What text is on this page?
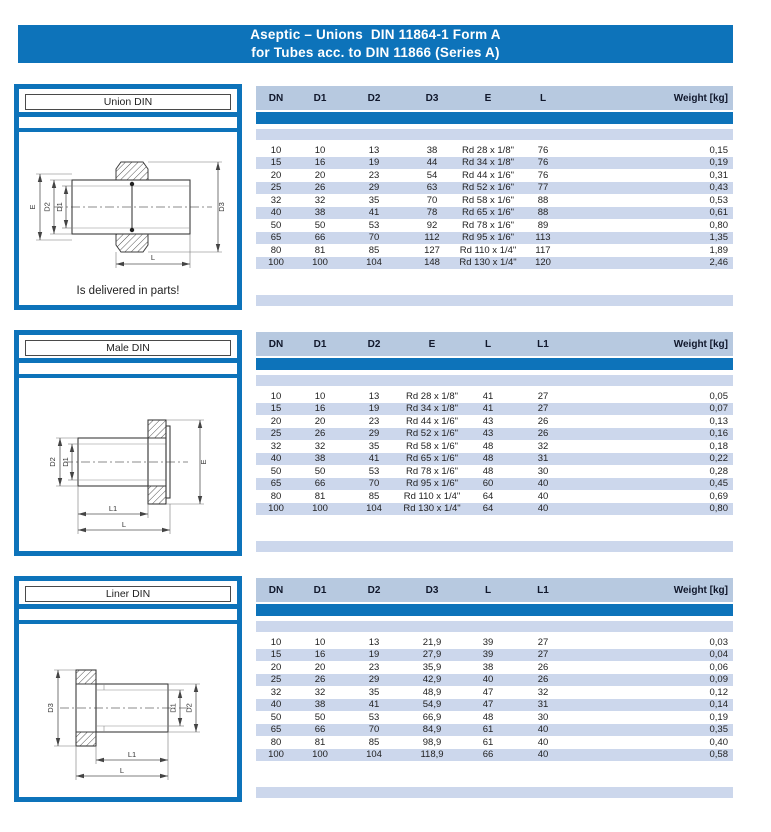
Aseptic – Unions  DIN 11864-1 Form A
for Tubes acc. to DIN 11866 (Series A)
Union DIN
E D2 D1	D3
L
Is delivered in parts!
DN	D1	D2	D3	E	L	Weight [kg]
10	10	13	38	Rd 28 x 1/8"	76	0,15
15	16	19	44	Rd 34 x 1/8"	76	0,19
20	20	23	54	Rd 44 x 1/6"	76	0,31
25	26	29	63	Rd 52 x 1/6"	77	0,43
32	32	35	70	Rd 58 x 1/6"	88	0,53
40	38	41	78	Rd 65 x 1/6"	88	0,61
50	50	53	92	Rd 78 x 1/6"	89	0,80
65	66	70	112	Rd 95 x 1/6"	113	1,35
80	81	85	127	Rd 110 x 1/4"	117	1,89
100	100	104	148	Rd 130 x 1/4"	120	2,46
Male DIN
D2 D1	E
L1
L
DN	D1	D2	E	L	L1	Weight [kg]
10	10	13	Rd 28 x 1/8"	41	27	0,05
15	16	19	Rd 34 x 1/8"	41	27	0,07
20	20	23	Rd 44 x 1/6"	43	26	0,13
25	26	29	Rd 52 x 1/6"	43	26	0,16
32	32	35	Rd 58 x 1/6"	48	32	0,18
40	38	41	Rd 65 x 1/6"	48	31	0,22
50	50	53	Rd 78 x 1/6"	48	30	0,28
65	66	70	Rd 95 x 1/6"	60	40	0,45
80	81	85	Rd 110 x 1/4"	64	40	0,69
100	100	104	Rd 130 x 1/4"	64	40	0,80
Liner DIN
D3	D1 D2
L1
L
DN	D1	D2	D3	L	L1	Weight [kg]
10	10	13	21,9	39	27	0,03
15	16	19	27,9	39	27	0,04
20	20	23	35,9	38	26	0,06
25	26	29	42,9	40	26	0,09
32	32	35	48,9	47	32	0,12
40	38	41	54,9	47	31	0,14
50	50	53	66,9	48	30	0,19
65	66	70	84,9	61	40	0,35
80	81	85	98,9	61	40	0,40
100	100	104	118,9	66	40	0,58
